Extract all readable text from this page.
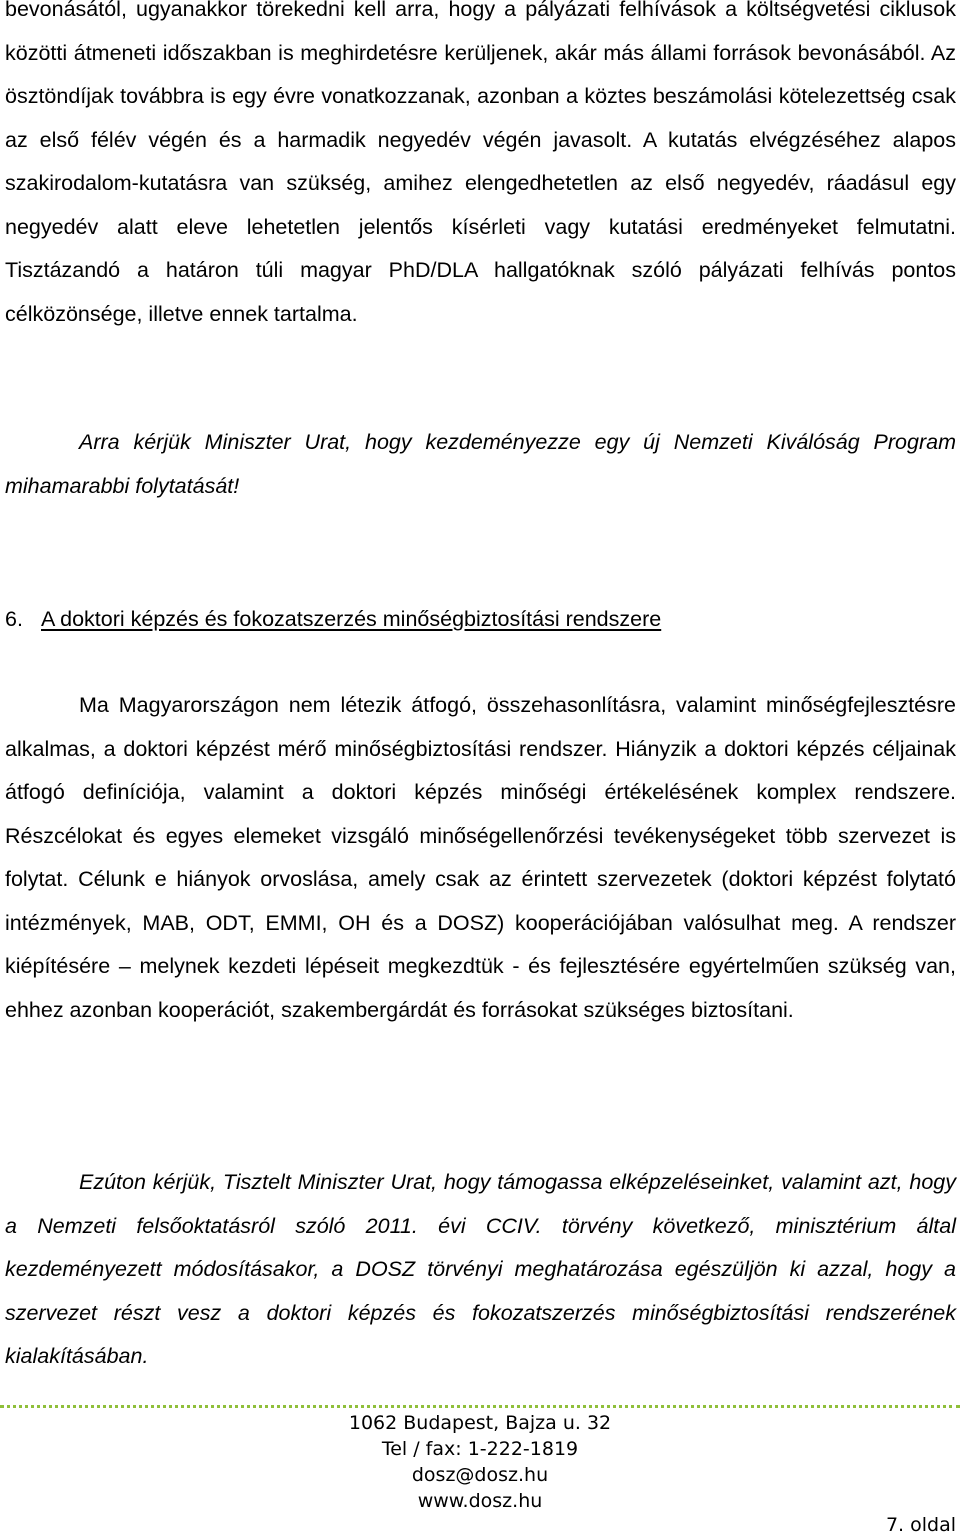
bevonásától, ugyanakkor törekedni kell arra, hogy a pályázati felhívások a költségvetési ciklusok közötti átmeneti időszakban is meghirdetésre kerüljenek, akár más állami források bevonásából. Az ösztöndíjak továbbra is egy évre vonatkozzanak, azonban a köztes beszámolási kötelezettség csak az első félév végén és a harmadik negyedév végén javasolt. A kutatás elvégzéséhez alapos szakirodalom-kutatásra van szükség, amihez elengedhetetlen az első negyedév, ráadásul egy negyedév alatt eleve lehetetlen jelentős kísérleti vagy kutatási eredményeket felmutatni. Tisztázandó a határon túli magyar PhD/DLA hallgatóknak szóló pályázati felhívás pontos célközönsége, illetve ennek tartalma.

Arra kérjük Miniszter Urat, hogy kezdeményezze egy új Nemzeti Kiválóság Program mihamarabbi folytatását!

6. A doktori képzés és fokozatszerzés minőségbiztosítási rendszere

Ma Magyarországon nem létezik átfogó, összehasonlításra, valamint minőségfejlesztésre alkalmas, a doktori képzést mérő minőségbiztosítási rendszer. Hiányzik a doktori képzés céljainak átfogó definíciója, valamint a doktori képzés minőségi értékelésének komplex rendszere. Részcélokat és egyes elemeket vizsgáló minőségellenőrzési tevékenységeket több szervezet is folytat. Célunk e hiányok orvoslása, amely csak az érintett szervezetek (doktori képzést folytató intézmények, MAB, ODT, EMMI, OH és a DOSZ) kooperációjában valósulhat meg. A rendszer kiépítésére – melynek kezdeti lépéseit megkezdtük - és fejlesztésére egyértelműen szükség van, ehhez azonban kooperációt, szakembergárdát és forrásokat szükséges biztosítani.

Ezúton kérjük, Tisztelt Miniszter Urat, hogy támogassa elképzeléseinket, valamint azt, hogy a Nemzeti felsőoktatásról szóló 2011. évi CCIV. törvény következő, minisztérium által kezdeményezett módosításakor, a DOSZ törvényi meghatározása egészüljön ki azzal, hogy a szervezet részt vesz a doktori képzés és fokozatszerzés minőségbiztosítási rendszerének kialakításában.

1062 Budapest, Bajza u. 32
Tel / fax: 1-222-1819
dosz@dosz.hu
www.dosz.hu
7. oldal
